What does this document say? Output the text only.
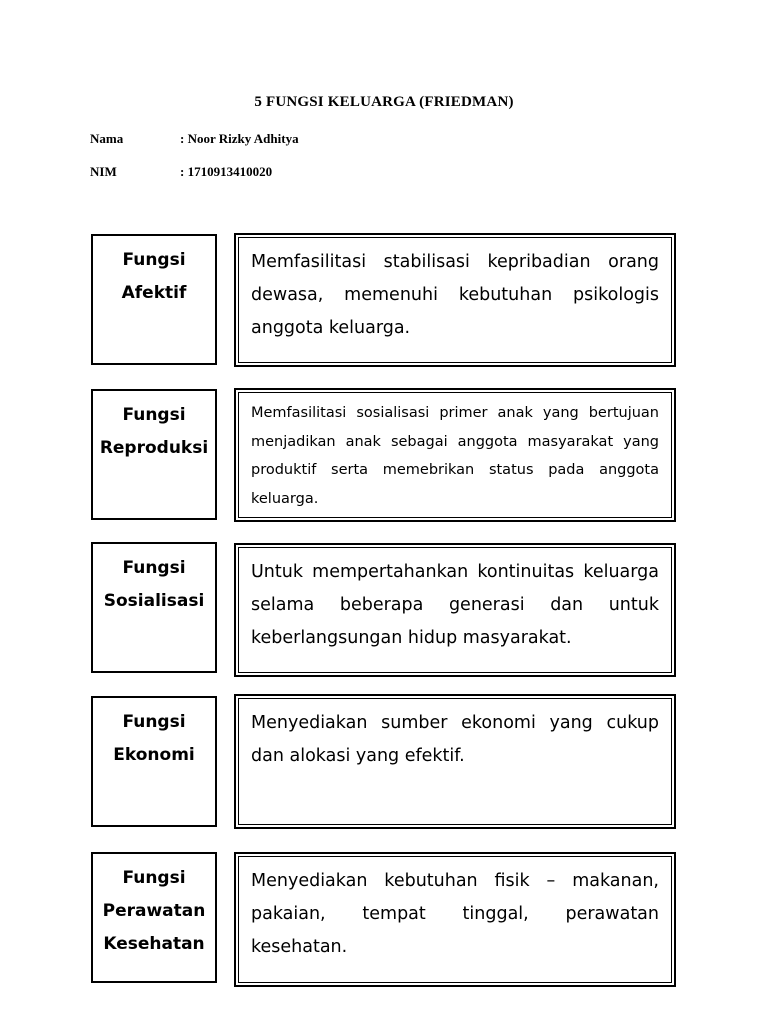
5 FUNGSI KELUARGA (FRIEDMAN)
Nama	: Noor Rizky Adhitya
NIM	: 1710913410020
Fungsi
Afektif
Memfasilitasi stabilisasi kepribadian orang dewasa, memenuhi kebutuhan psikologis anggota keluarga.
Fungsi
Reproduksi
Memfasilitasi sosialisasi primer anak yang bertujuan menjadikan anak sebagai anggota masyarakat yang produktif serta memebrikan status pada anggota keluarga.
Fungsi
Sosialisasi
Untuk mempertahankan kontinuitas keluarga selama beberapa generasi dan untuk keberlangsungan hidup masyarakat.
Fungsi
Ekonomi
Menyediakan sumber ekonomi yang cukup dan alokasi yang efektif.
Fungsi
Perawatan
Kesehatan
Menyediakan kebutuhan fisik – makanan, pakaian, tempat tinggal, perawatan kesehatan.
